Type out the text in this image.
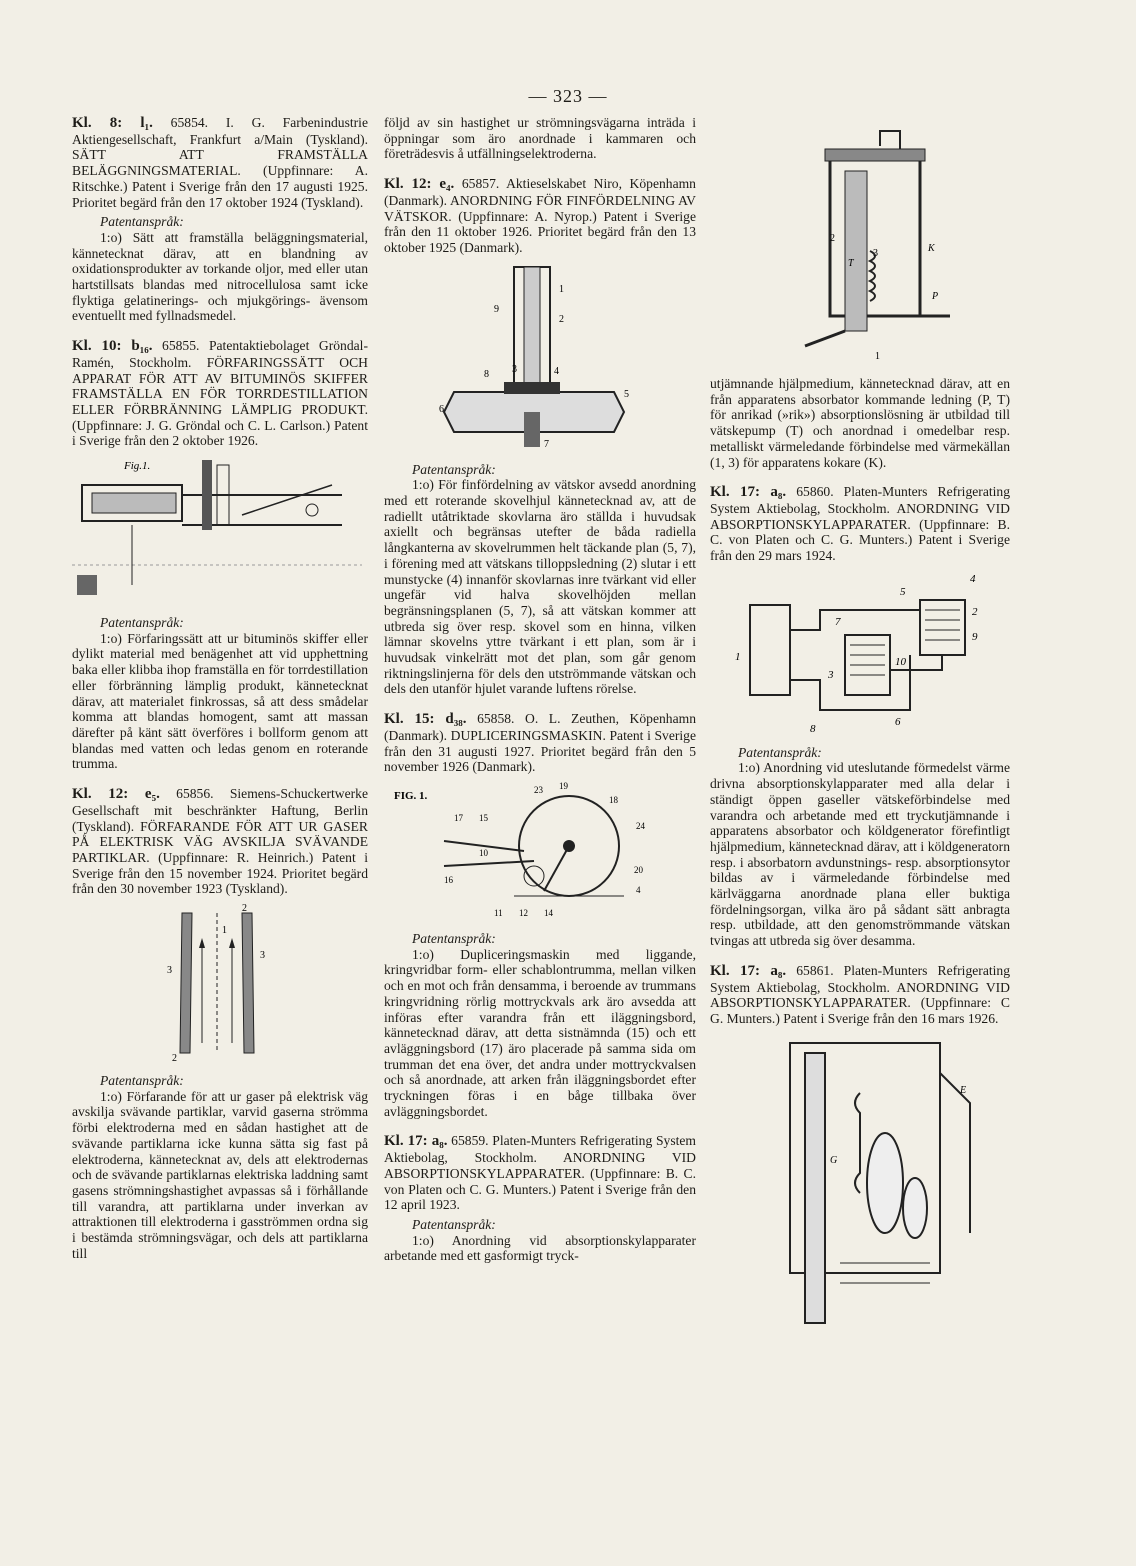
— 323 —
Kl. 8: l₁. 65854. I. G. Farbenindustrie Aktiengesellschaft, Frankfurt a/Main (Tyskland). SÄTT ATT FRAMSTÄLLA BELÄGGNINGSMATERIAL. (Uppfinnare: A. Ritschke.) Patent i Sverige från den 17 augusti 1925. Prioritet begärd från den 17 oktober 1924 (Tyskland).
Patentanspråk:

1:o) Sätt att framställa beläggningsmaterial, kännetecknat därav, att en blandning av oxidationsprodukter av torkande oljor, med eller utan hartstillsats blandas med nitrocellulosa samt icke flyktiga gelatinerings- och mjukgörings- ävensom eventuellt med fyllnadsmedel.

Kl. 10: b₁₆. 65855. Patentaktiebolaget Gröndal-Ramén, Stockholm. FÖRFARINGSSÄTT OCH APPARAT FÖR ATT AV BITUMINÖS SKIFFER FRAMSTÄLLA EN FÖR TORRDESTILLATION ELLER FÖRBRÄNNING LÄMPLIG PRODUKT. (Uppfinnare: J. G. Gröndal och C. L. Carlson.) Patent i Sverige från den 2 oktober 1926.
Fig.1.
Patentanspråk:

1:o) Förfaringssätt att ur bituminös skiffer eller dylikt material med benägenhet att vid upphettning baka eller klibba ihop framställa en för torrdestillation eller förbränning lämplig produkt, kännetecknat därav, att materialet finkrossas, så att dess smådelar komma att blandas homogent, samt att massan därefter på känt sätt överföres i bollform genom att blandas med vatten och ledas genom en roterande trumma.

Kl. 12: e₅. 65856. Siemens-Schuckertwerke Gesellschaft mit beschränkter Haftung, Berlin (Tyskland). FÖRFARANDE FÖR ATT UR GASER PÅ ELEKTRISK VÄG AVSKILJA SVÄVANDE PARTIKLAR. (Uppfinnare: R. Heinrich.) Patent i Sverige från den 15 november 1924. Prioritet begärd från den 30 november 1923 (Tyskland).
2
1
3
3
2
Patentanspråk:

1:o) Förfarande för att ur gaser på elektrisk väg avskilja svävande partiklar, varvid gaserna strömma förbi elektroderna med en sådan hastighet att de svävande partiklarna icke kunna sätta sig fast på elektroderna, kännetecknat av, dels att elektrodernas och de svävande partiklarnas elektriska laddning samt gasens strömningshastighet avpassas så i förhållande till varandra, att partiklarna under inverkan av attraktionen till elektroderna i gasströmmen ordna sig i bestämda strömningsvägar, och dels att partiklarna till

följd av sin hastighet ur strömningsvägarna inträda i öppningar som äro anordnade i kammaren och företrädesvis å utfällningselektroderna.
Kl. 12: e₄. 65857. Aktieselskabet Niro, Köpenhamn (Danmark). ANORDNING FÖR FINFÖRDELNING AV VÄTSKOR. (Uppfinnare: A. Nyrop.) Patent i Sverige från den 11 oktober 1926. Prioritet begärd från den 13 oktober 1925 (Danmark).
1
2
3	4
5
6
7
8
9
Patentanspråk:

1:o) För finfördelning av vätskor avsedd anordning med ett roterande skovelhjul kännetecknad av, att de radiellt utåtriktade skovlarna äro ställda i huvudsak axiellt och begränsas utefter de båda radiella långkanterna av skovelrummen helt täckande plan (5, 7), i förening med att vätskans tilloppsledning (2) slutar i ett munstycke (4) innanför skovlarnas inre tvärkant vid eller ungefär vid halva skovelhöjden mellan begränsningsplanen (5, 7), så att vätskan kommer att utbreda sig över resp. skovel som en hinna, vilken lämnar skovelns yttre tvärkant i ett plan, som är i huvudsak vinkelrätt mot det plan, som går genom riktningslinjerna för dels den utströmmande vätskan och dels den utanför hjulet varande luftens rörelse.

Kl. 15: d₃₈. 65858. O. L. Zeuthen, Köpenhamn (Danmark). DUPLICERINGSMASKIN. Patent i Sverige från den 31 augusti 1927. Prioritet begärd från den 5 november 1926 (Danmark).
FIG. 1.	23 19
18
24
17
16
10
15
20
4
11 12 14
Patentanspråk:

1:o) Dupliceringsmaskin med liggande, kringvridbar form- eller schablontrumma, mellan vilken och en mot och från densamma, i beroende av trummans kringvridning rörlig mottryckvals ark äro avsedda att införas efter varandra från ett iläggningsbord, kännetecknad därav, att detta sistnämnda (15) och ett avläggningsbord (17) äro placerade på samma sida om trumman det ena över, det andra under mottryckvalsen och så anordnade, att arken från iläggningsbordet efter tryckningen föras i en båge tillbaka över avläggningsbordet.

Kl. 17: a₈. 65859. Platen-Munters Refrigerating System Aktiebolag, Stockholm. ANORDNING VID ABSORPTIONSKYLAPPARATER. (Uppfinnare: B. C. von Platen och C. G. Munters.) Patent i Sverige från den 12 april 1923.
Patentanspråk:

1:o) Anordning vid absorptionskylapparater arbetande med ett gasformigt tryck-

2
3	K
T
P
1
utjämnande hjälpmedium, kännetecknad därav, att en från apparatens absorbator kommande ledning (P, T) för anrikad (»rik») absorptionslösning är utbildad till vätskepump (T) och anordnad i omedelbar resp. metalliskt värmeledande förbindelse med värmekällan (1, 3) för apparatens kokare (K).
Kl. 17: a₈. 65860. Platen-Munters Refrigerating System Aktiebolag, Stockholm. ANORDNING VID ABSORPTIONSKYLAPPARATER. (Uppfinnare: B. C. von Platen och C. G. Munters.) Patent i Sverige från den 29 mars 1924.
4
5
2
9
1
7
3
10
6
8
Patentanspråk:

1:o) Anordning vid uteslutande förmedelst värme drivna absorptionskylapparater med alla delar i ständigt öppen gaseller vätskeförbindelse med varandra och arbetande med ett tryckutjämnande i apparatens absorbator och köldgenerator förefintligt hjälpmedium, kännetecknad därav, att i köldgeneratorn resp. i absorbatorn avdunstnings- resp. absorptionsytor bildas av i värmeledande förbindelse med kärlväggarna anordnade plana eller buktiga fördelningsorgan, vilka äro på sådant sätt anbragta resp. utbildade, att den genomströmmande vätskan tvingas att utbreda sig över desamma.

Kl. 17: a₈. 65861. Platen-Munters Refrigerating System Aktiebolag, Stockholm. ANORDNING VID ABSORPTIONSKYLAPPARATER. (Uppfinnare: C G. Munters.) Patent i Sverige från den 16 mars 1926.
E
G
